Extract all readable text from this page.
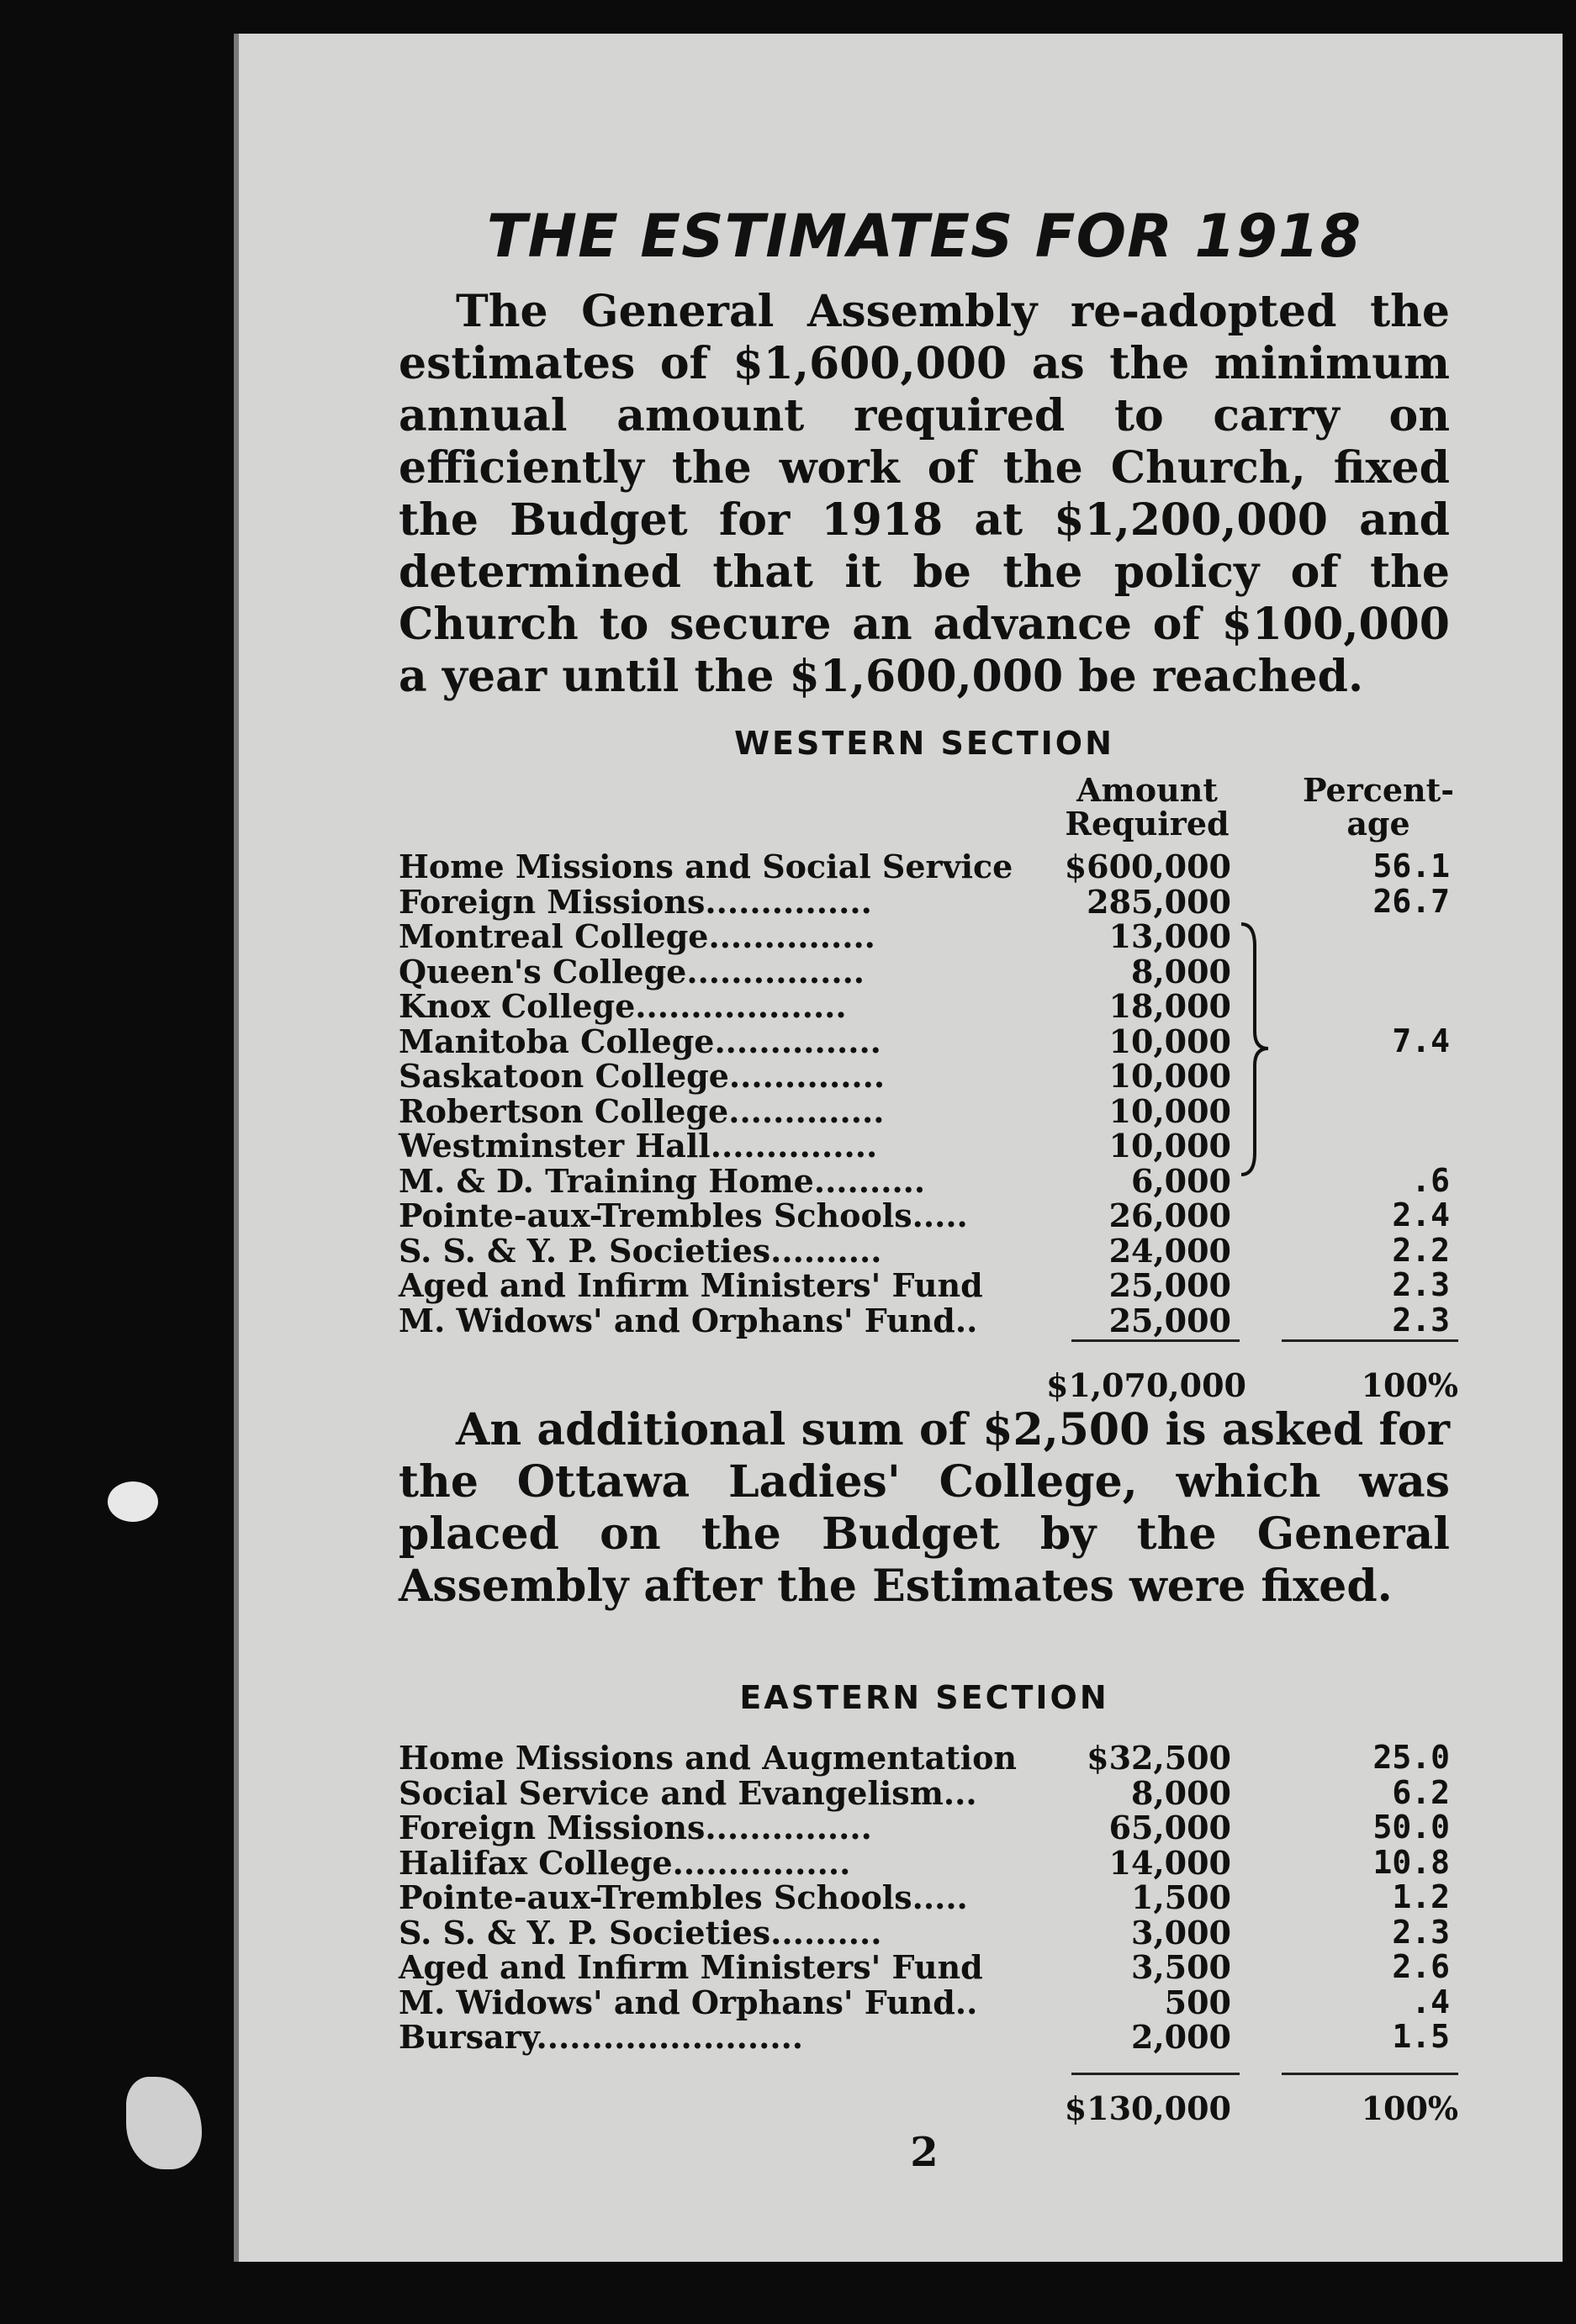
THE ESTIMATES FOR 1918
The General Assembly re-adopted the estimates of $1,600,000 as the minimum annual amount required to carry on efficiently the work of the Church, fixed the Budget for 1918 at $1,200,000 and determined that it be the policy of the Church to secure an advance of $100,000 a year until the $1,600,000 be reached.
WESTERN SECTION
Amount
Required
Percent-
age
Home Missions and Social Service $600,000	56.1
Foreign Missions...............	285,000	26.7
Montreal College...............	13,000
Queen's College................	8,000
Knox College...................	18,000
Manitoba College...............	10,000	7.4
Saskatoon College..............	10,000
Robertson College..............	10,000
Westminster Hall...............	10,000
M. & D. Training Home..........	6,000	.6
Pointe-aux-Trembles Schools.....	26,000	2.4
S. S. & Y. P. Societies..........	24,000	2.2
Aged and Infirm Ministers' Fund	25,000	2.3
M. Widows' and Orphans' Fund..	25,000	2.3
$1,070,000	100%
An additional sum of $2,500 is asked for the Ottawa Ladies' College, which was placed on the Budget by the General Assembly after the Estimates were fixed.
EASTERN SECTION
Home Missions and Augmentation	$32,500	25.0
Social Service and Evangelism...	8,000	6.2
Foreign Missions...............	65,000	50.0
Halifax College................	14,000	10.8
Pointe-aux-Trembles Schools.....	1,500	1.2
S. S. & Y. P. Societies..........	3,000	2.3
Aged and Infirm Ministers' Fund	3,500	2.6
M. Widows' and Orphans' Fund..	500	.4
Bursary........................	2,000	1.5
$130,000	100%
2
